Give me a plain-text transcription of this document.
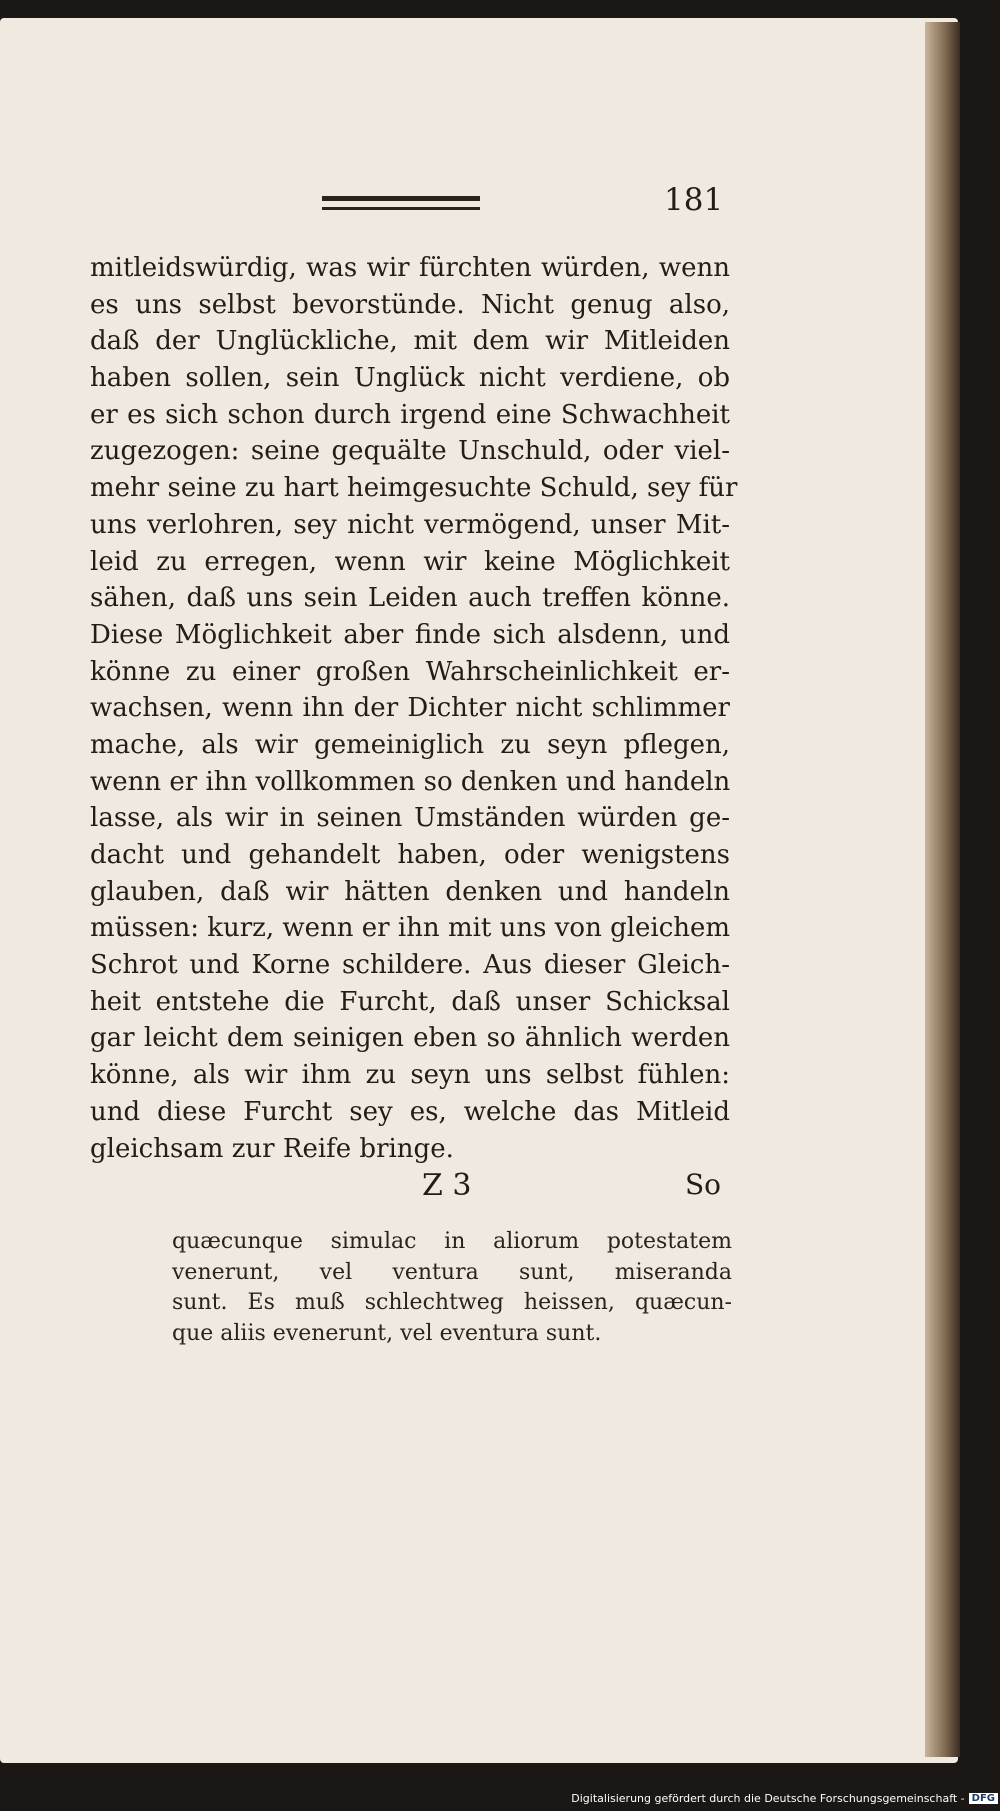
181
mitleidswürdig, was wir fürchten würden, wenn
es uns selbst bevorstünde. Nicht genug also,
daß der Unglückliche, mit dem wir Mitleiden
haben sollen, sein Unglück nicht verdiene, ob
er es sich schon durch irgend eine Schwachheit
zugezogen: seine gequälte Unschuld, oder viel-
mehr seine zu hart heimgesuchte Schuld, sey für
uns verlohren, sey nicht vermögend, unser Mit-
leid zu erregen, wenn wir keine Möglichkeit
sähen, daß uns sein Leiden auch treffen könne.
Diese Möglichkeit aber finde sich alsdenn, und
könne zu einer großen Wahrscheinlichkeit er-
wachsen, wenn ihn der Dichter nicht schlimmer
mache, als wir gemeiniglich zu seyn pflegen,
wenn er ihn vollkommen so denken und handeln
lasse, als wir in seinen Umständen würden ge-
dacht und gehandelt haben, oder wenigstens
glauben, daß wir hätten denken und handeln
müssen: kurz, wenn er ihn mit uns von gleichem
Schrot und Korne schildere. Aus dieser Gleich-
heit entstehe die Furcht, daß unser Schicksal
gar leicht dem seinigen eben so ähnlich werden
könne, als wir ihm zu seyn uns selbst fühlen:
und diese Furcht sey es, welche das Mitleid
gleichsam zur Reife bringe.
Z 3	So
quæcunque simulac in aliorum potestatem
venerunt, vel ventura sunt, miseranda
sunt. Es muß schlechtweg heissen, quæcun-
que aliis evenerunt, vel eventura sunt.
Digitalisierung gefördert durch die Deutsche Forschungsgemeinschaft - DFG
